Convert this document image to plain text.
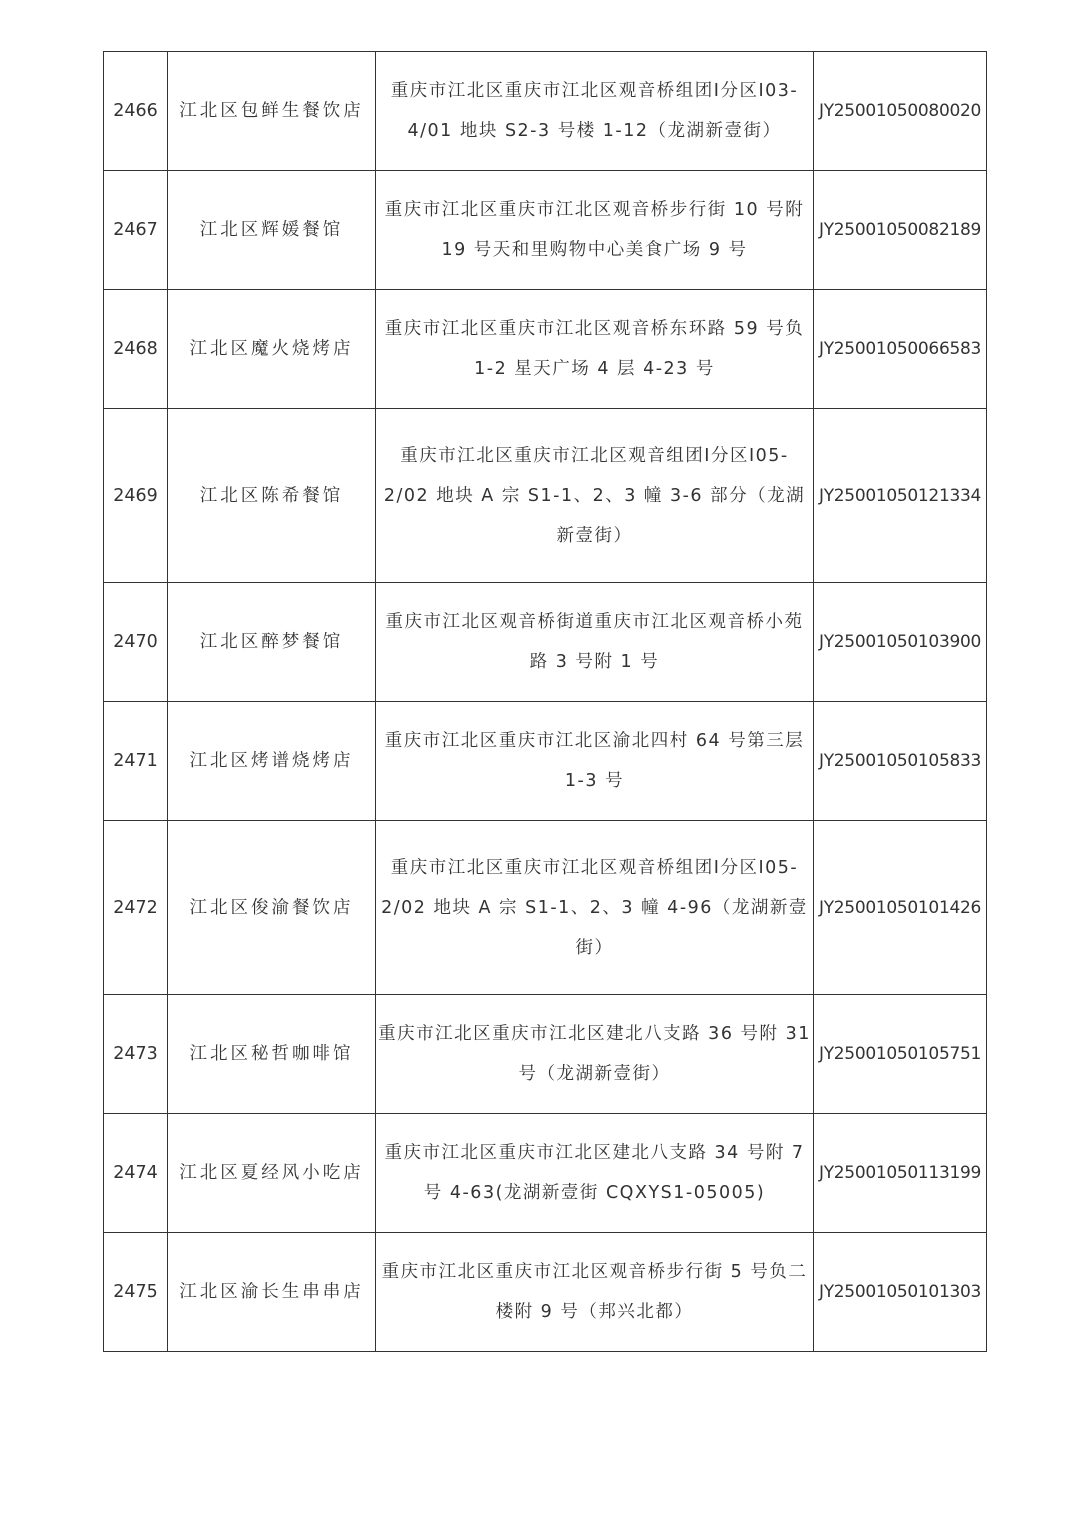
2466	江北区包鲜生餐饮店	重庆市江北区重庆市江北区观音桥组团Ⅰ分区Ⅰ03-4/01 地块 S2-3 号楼 1-12（龙湖新壹街）	JY25001050080020
2467	江北区辉媛餐馆	重庆市江北区重庆市江北区观音桥步行街 10 号附 19 号天和里购物中心美食广场 9 号	JY25001050082189
2468	江北区魔火烧烤店	重庆市江北区重庆市江北区观音桥东环路 59 号负 1-2 星天广场 4 层 4-23 号	JY25001050066583
2469	江北区陈希餐馆	重庆市江北区重庆市江北区观音组团Ⅰ分区Ⅰ05-2/02 地块 A 宗 S1-1、2、3 幢 3-6 部分（龙湖新壹街）	JY25001050121334
2470	江北区醉梦餐馆	重庆市江北区观音桥街道重庆市江北区观音桥小苑路 3 号附 1 号	JY25001050103900
2471	江北区烤谱烧烤店	重庆市江北区重庆市江北区渝北四村 64 号第三层 1-3 号	JY25001050105833
2472	江北区俊渝餐饮店	重庆市江北区重庆市江北区观音桥组团Ⅰ分区Ⅰ05-2/02 地块 A 宗 S1-1、2、3 幢 4-96（龙湖新壹街）	JY25001050101426
2473	江北区秘哲咖啡馆	重庆市江北区重庆市江北区建北八支路 36 号附 31 号（龙湖新壹街）	JY25001050105751
2474	江北区夏经风小吃店	重庆市江北区重庆市江北区建北八支路 34 号附 7 号 4-63(龙湖新壹街 CQXYS1-05005)	JY25001050113199
2475	江北区渝长生串串店	重庆市江北区重庆市江北区观音桥步行街 5 号负二楼附 9 号（邦兴北都）	JY25001050101303
